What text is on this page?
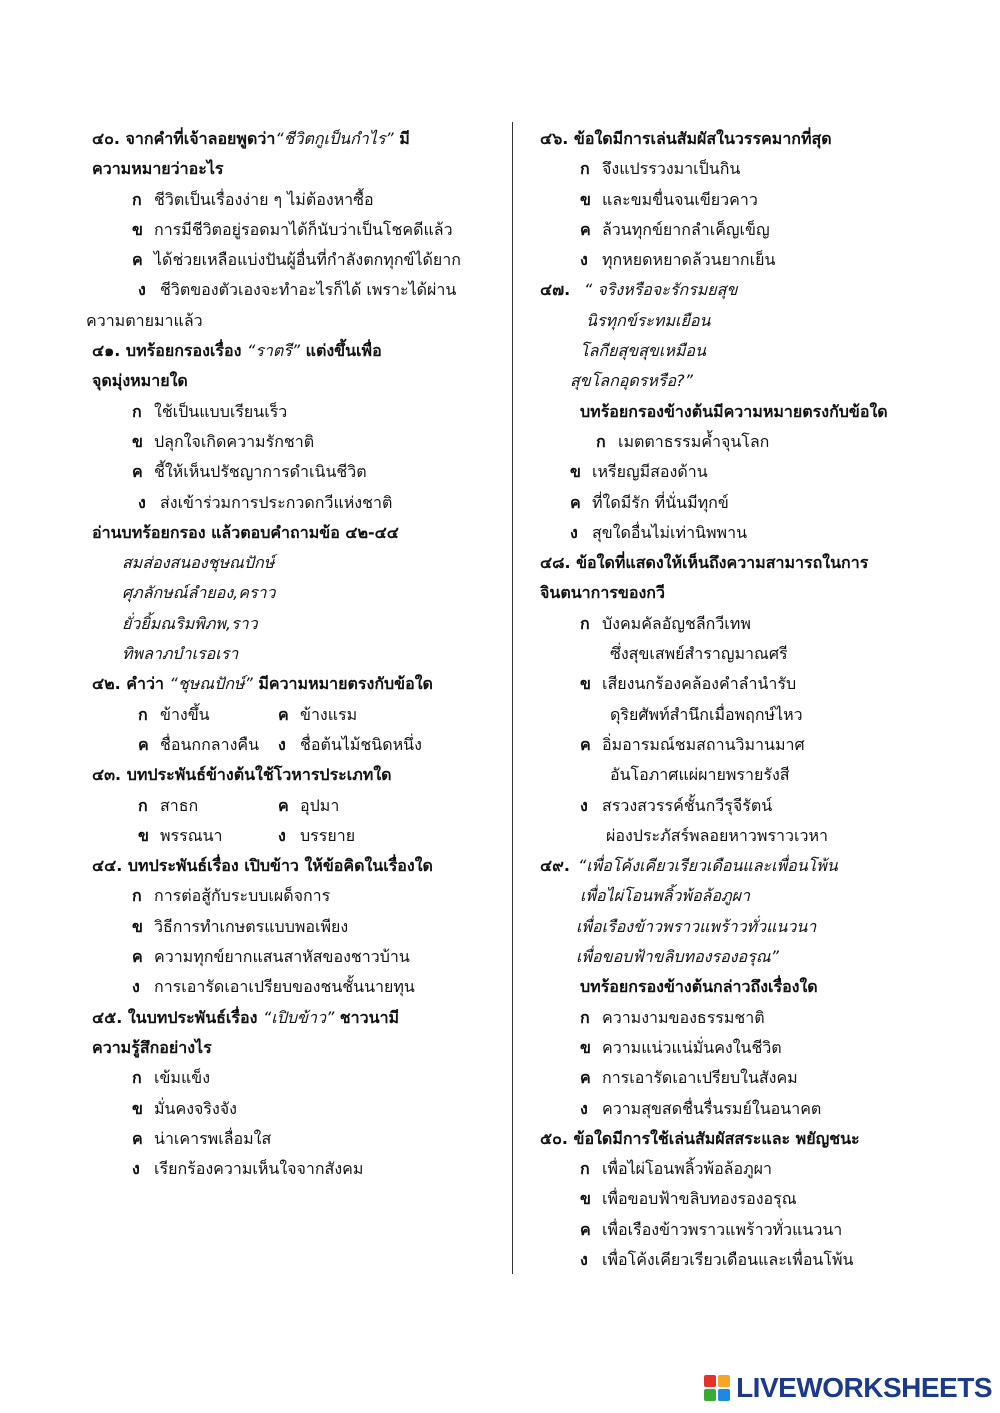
๔๐. จากคำที่เจ้าลอยพูดว่า“ชีวิตกูเป็นกำไร” มี
ความหมายว่าอะไร
ก ชีวิตเป็นเรื่องง่าย ๆ ไม่ต้องหาซื้อ
ข การมีชีวิตอยู่รอดมาได้ก็นับว่าเป็นโชคดีแล้ว
ค ได้ช่วยเหลือแบ่งปันผู้อื่นที่กำลังตกทุกข์ได้ยาก
ง ชีวิตของตัวเองจะทำอะไรก็ได้ เพราะได้ผ่าน
ความตายมาแล้ว
๔๑. บทร้อยกรองเรื่อง “ราตรี” แต่งขึ้นเพื่อ
จุดมุ่งหมายใด
ก ใช้เป็นแบบเรียนเร็ว
ข ปลุกใจเกิดความรักชาติ
ค ชี้ให้เห็นปรัชญาการดำเนินชีวิต
ง ส่งเข้าร่วมการประกวดกวีแห่งชาติ
อ่านบทร้อยกรอง แล้วตอบคำถามข้อ ๔๒-๔๔
สมส่องสนองชุษณปักษ์
ศุภลักษณ์ลำยอง,คราว
ยั่วยิ้มณริมพิภพ,ราว
ทิพลาภบำเรอเรา
๔๒. คำว่า “ชุษณปักษ์” มีความหมายตรงกับข้อใด
ก ข้างขึ้น	ค ข้างแรม
ค ชื่อนกกลางคืน ง ชื่อต้นไม้ชนิดหนึ่ง
๔๓. บทประพันธ์ข้างต้นใช้โวหารประเภทใด
ก สาธก	ค อุปมา
ข พรรณนา	ง บรรยาย
๔๔. บทประพันธ์เรื่อง เปิบข้าว ให้ข้อคิดในเรื่องใด
ก การต่อสู้กับระบบเผด็จการ
ข วิธีการทำเกษตรแบบพอเพียง
ค ความทุกข์ยากแสนสาหัสของชาวบ้าน
ง การเอารัดเอาเปรียบของชนชั้นนายทุน
๔๕. ในบทประพันธ์เรื่อง “เปิบข้าว” ชาวนามี
ความรู้สึกอย่างไร
ก เข้มแข็ง
ข มั่นคงจริงจัง
ค น่าเคารพเลื่อมใส
ง เรียกร้องความเห็นใจจากสังคม
๔๖. ข้อใดมีการเล่นสัมผัสในวรรคมากที่สุด
ก จึงแปรรวงมาเป็นกิน
ข และขมขื่นจนเขียวคาว
ค ล้วนทุกข์ยากลำเค็ญเข็ญ
ง ทุกหยดหยาดล้วนยากเย็น
๔๗. “ จริงหรือจะรักรมยสุข
นิรทุกข์ระทมเยือน
โลกียสุขสุขเหมือน
สุขโลกอุดรหรือ?”
บทร้อยกรองข้างต้นมีความหมายตรงกับข้อใด
ก เมตตาธรรมค้ำจุนโลก
ข เหรียญมีสองด้าน
ค ที่ใดมีรัก ที่นั่นมีทุกข์
ง สุขใดอื่นไม่เท่านิพพาน
๔๘. ข้อใดที่แสดงให้เห็นถึงความสามารถในการ
จินตนาการของกวี
ก บังคมคัลอัญชลีกวีเทพ
ซึ่งสุขเสพย์สำราญมาณศรี
ข เสียงนกร้องคล้องคำลำนำรับ
ดุริยศัพท์สำนึกเมื่อพฤกษ์ไหว
ค อิ่มอารมณ์ชมสถานวิมานมาศ
อันโอภาศแผ่ผายพรายรังสี
ง สรวงสวรรค์ชั้นกวีรุจีรัตน์
ผ่องประภัสร์พลอยหาวพราวเวหา
๔๙. “เพื่อโค้งเคียวเรียวเดือนและเพื่อนโพ้น
เพื่อไผ่โอนพลิ้วพ้อล้อภูผา
เพื่อเรืองข้าวพราวแพร้าวทั่วแนวนา
เพื่อขอบฟ้าขลิบทองรองอรุณ”
บทร้อยกรองข้างต้นกล่าวถึงเรื่องใด
ก ความงามของธรรมชาติ
ข ความแน่วแน่มั่นคงในชีวิต
ค การเอารัดเอาเปรียบในสังคม
ง ความสุขสดชื่นรื่นรมย์ในอนาคต
๕๐. ข้อใดมีการใช้เล่นสัมผัสสระและ พยัญชนะ
ก เพื่อไผ่โอนพลิ้วพ้อล้อภูผา
ข เพื่อขอบฟ้าขลิบทองรองอรุณ
ค เพื่อเรืองข้าวพราวแพร้าวทั่วแนวนา
ง เพื่อโค้งเคียวเรียวเดือนและเพื่อนโพ้น
LIVEWORKSHEETS
